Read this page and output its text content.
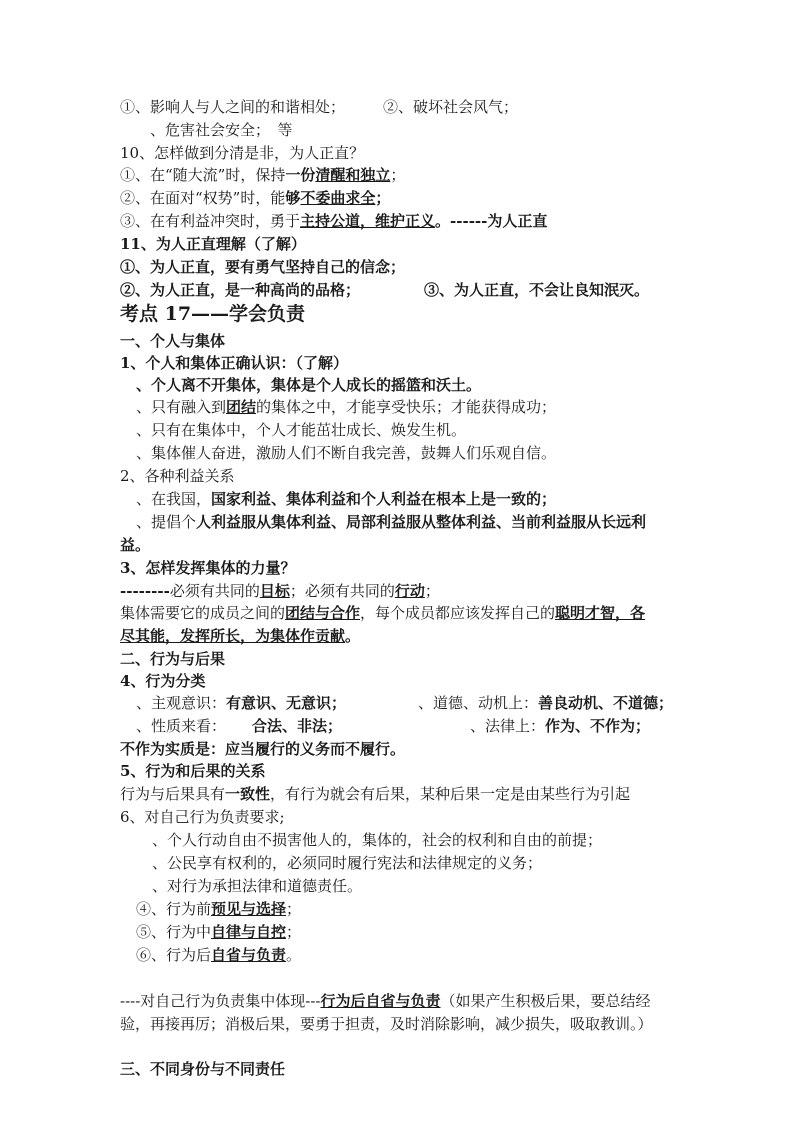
①、影响人与人之间的和谐相处；	②、破坏社会风气；
、危害社会安全；　等
10、怎样做到分清是非，为人正直？
①、在“随大流”时，保持一份清醒和独立；
②、在面对“权势”时，能够不委曲求全；
③、在有利益冲突时，勇于主持公道，维护正义。------为人正直
11、为人正直理解（了解）
①、为人正直，要有勇气坚持自己的信念；
②、为人正直，是一种高尚的品格；	③、为人正直，不会让良知泯灭。
考点 17——学会负责
一、个人与集体
1、个人和集体正确认识：（了解）
、个人离不开集体，集体是个人成长的摇篮和沃土。
、只有融入到团结的集体之中，才能享受快乐；才能获得成功；
、只有在集体中，个人才能茁壮成长、焕发生机。
、集体催人奋进，激励人们不断自我完善，鼓舞人们乐观自信。
2、各种利益关系
、在我国，国家利益、集体利益和个人利益在根本上是一致的；
、提倡个人利益服从集体利益、局部利益服从整体利益、当前利益服从长远利
益。
3、怎样发挥集体的力量？
--------必须有共同的目标；必须有共同的行动；
集体需要它的成员之间的团结与合作，每个成员都应该发挥自己的聪明才智，各
尽其能，发挥所长，为集体作贡献。
二、行为与后果
4、行为分类
、主观意识：有意识、无意识；	、道德、动机上：善良动机、不道德；
、性质来看： 合法、非法；	、法律上：作为、不作为；
不作为实质是：应当履行的义务而不履行。
5、行为和后果的关系
行为与后果具有一致性，有行为就会有后果，某种后果一定是由某些行为引起
6、对自己行为负责要求;
、个人行动自由不损害他人的，集体的，社会的权利和自由的前提；
、公民享有权利的，必须同时履行宪法和法律规定的义务；
、对行为承担法律和道德责任。
④、行为前预见与选择；
⑤、行为中自律与自控；
⑥、行为后自省与负责。
----对自己行为负责集中体现---行为后自省与负责（如果产生积极后果，要总结经
验，再接再厉；消极后果，要勇于担责，及时消除影响，减少损失，吸取教训。）
三、不同身份与不同责任
